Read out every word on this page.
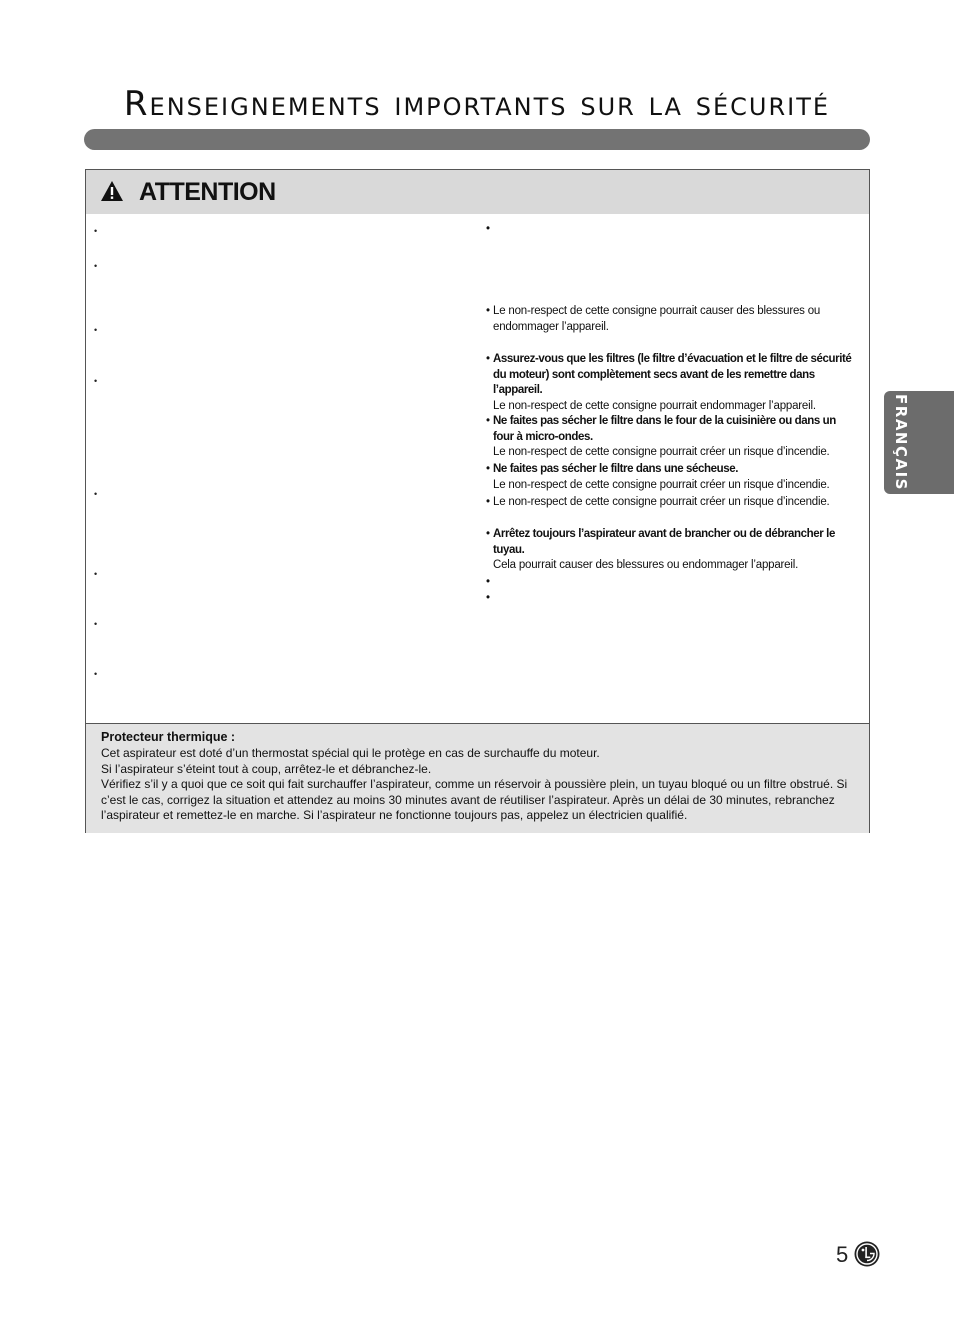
Renseignements importants sur la sécurité
ATTENTION
•
•
•
•
•
•
•
•
•
• Le non-respect de cette consigne pourrait causer des blessures ou endommager l’appareil.
• Assurez-vous que les filtres (le filtre d’évacuation et le filtre de sécurité du moteur) sont complètement secs avant de les remettre dans l’appareil.
Le non-respect de cette consigne pourrait endommager l’appareil.
• Ne faites pas sécher le filtre dans le four de la cuisinière ou dans un four à micro-ondes.
Le non-respect de cette consigne pourrait créer un risque d’incendie.
• Ne faites pas sécher le filtre dans une sécheuse.
Le non-respect de cette consigne pourrait créer un risque d’incendie.
• Le non-respect de cette consigne pourrait créer un risque d’incendie.
• Arrêtez toujours l’aspirateur avant de brancher ou de débrancher le tuyau.
Cela pourrait causer des blessures ou endommager l’appareil.
•
•
Protecteur thermique :
Cet aspirateur est doté d’un thermostat spécial qui le protège en cas de surchauffe du moteur.
Si l’aspirateur s’éteint tout à coup, arrêtez-le et débranchez-le.
Vérifiez s’il y a quoi que ce soit qui fait surchauffer l’aspirateur, comme un réservoir à poussière plein, un tuyau bloqué ou un filtre obstrué. Si c’est le cas, corrigez la situation et attendez au moins 30 minutes avant de réutiliser l’aspirateur. Après un délai de 30 minutes, rebranchez l’aspirateur et remettez-le en marche. Si l’aspirateur ne fonctionne toujours pas, appelez un électricien qualifié.
FRANÇAIS
5
